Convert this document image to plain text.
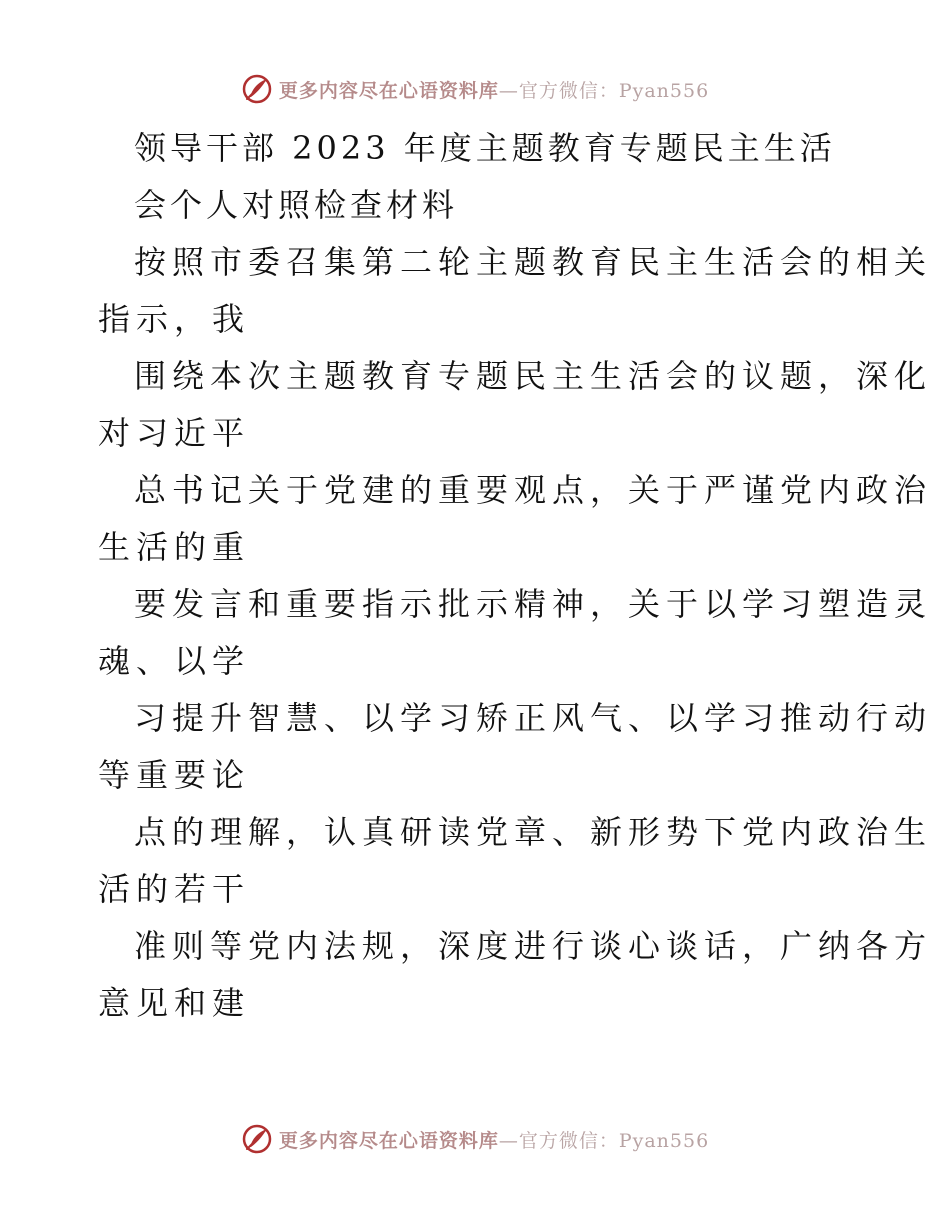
更多内容尽在心语资料库—官方微信：Pyan556
领导干部 2023 年度主题教育专题民主生活
会个人对照检查材料
按照市委召集第二轮主题教育民主生活会的相关
指示，我
围绕本次主题教育专题民主生活会的议题，深化
对习近平
总书记关于党建的重要观点，关于严谨党内政治
生活的重
要发言和重要指示批示精神，关于以学习塑造灵
魂、以学
习提升智慧、以学习矫正风气、以学习推动行动
等重要论
点的理解，认真研读党章、新形势下党内政治生
活的若干
准则等党内法规，深度进行谈心谈话，广纳各方
意见和建
更多内容尽在心语资料库—官方微信：Pyan556
